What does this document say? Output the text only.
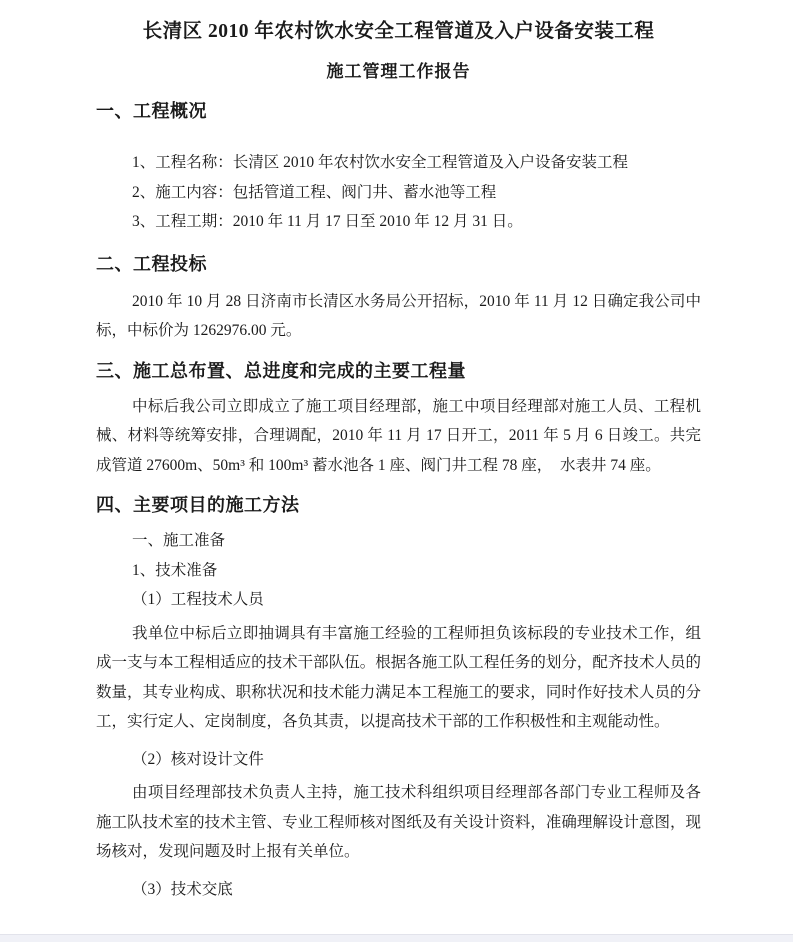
长清区 2010 年农村饮水安全工程管道及入户设备安装工程

施工管理工作报告

一、工程概况

1、工程名称：长清区 2010 年农村饮水安全工程管道及入户设备安装工程

2、施工内容：包括管道工程、阀门井、蓄水池等工程

3、工程工期：2010 年 11 月 17 日至 2010 年 12 月 31 日。

二、工程投标

2010 年 10 月 28 日济南市长清区水务局公开招标，2010 年 11 月 12 日确定我公司中标，中标价为 1262976.00 元。

三、施工总布置、总进度和完成的主要工程量

中标后我公司立即成立了施工项目经理部，施工中项目经理部对施工人员、工程机械、材料等统筹安排，合理调配，2010 年 11 月 17 日开工，2011 年 5 月 6 日竣工。共完成管道 27600m、50m³ 和 100m³ 蓄水池各 1 座、阀门井工程 78 座，　水表井 74 座。

四、主要项目的施工方法

一、施工准备

1、技术准备

（1）工程技术人员

我单位中标后立即抽调具有丰富施工经验的工程师担负该标段的专业技术工作，组成一支与本工程相适应的技术干部队伍。根据各施工队工程任务的划分，配齐技术人员的数量，其专业构成、职称状况和技术能力满足本工程施工的要求，同时作好技术人员的分工，实行定人、定岗制度，各负其责，以提高技术干部的工作积极性和主观能动性。

（2）核对设计文件

由项目经理部技术负责人主持，施工技术科组织项目经理部各部门专业工程师及各施工队技术室的技术主管、专业工程师核对图纸及有关设计资料，准确理解设计意图，现场核对，发现问题及时上报有关单位。

（3）技术交底
